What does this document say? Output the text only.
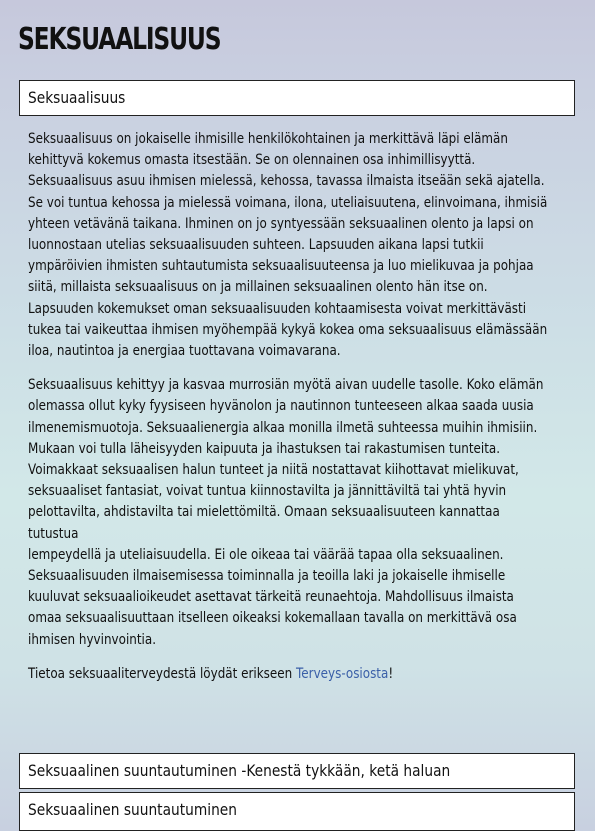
SEKSUAALISUUS
Seksuaalisuus

Seksuaalisuus on jokaiselle ihmisille henkilökohtainen ja merkittävä läpi elämän
kehittyvä kokemus omasta itsestään. Se on olennainen osa inhimillisyyttä.
Seksuaalisuus asuu ihmisen mielessä, kehossa, tavassa ilmaista itseään sekä ajatella.
Se voi tuntua kehossa ja mielessä voimana, ilona, uteliaisuutena, elinvoimana, ihmisiä
yhteen vetävänä taikana. Ihminen on jo syntyessään seksuaalinen olento ja lapsi on
luonnostaan utelias seksuaalisuuden suhteen. Lapsuuden aikana lapsi tutkii
ympäröivien ihmisten suhtautumista seksuaalisuuteensa ja luo mielikuvaa ja pohjaa
siitä, millaista seksuaalisuus on ja millainen seksuaalinen olento hän itse on.
Lapsuuden kokemukset oman seksuaalisuuden kohtaamisesta voivat merkittävästi
tukea tai vaikeuttaa ihmisen myöhempää kykyä kokea oma seksuaalisuus elämässään
iloa, nautintoa ja energiaa tuottavana voimavarana.

Seksuaalisuus kehittyy ja kasvaa murrosiän myötä aivan uudelle tasolle. Koko elämän
olemassa ollut kyky fyysiseen hyvänolon ja nautinnon tunteeseen alkaa saada uusia
ilmenemismuotoja. Seksuaalienergia alkaa monilla ilmetä suhteessa muihin ihmisiin.
Mukaan voi tulla läheisyyden kaipuuta ja ihastuksen tai rakastumisen tunteita.
Voimakkaat seksuaalisen halun tunteet ja niitä nostattavat kiihottavat mielikuvat,
seksuaaliset fantasiat, voivat tuntua kiinnostavilta ja jännittäviltä tai yhtä hyvin
pelottavilta, ahdistavilta tai mielettömiltä. Omaan seksuaalisuuteen kannattaa tutustua
lempeydellä ja uteliaisuudella. Ei ole oikeaa tai väärää tapaa olla seksuaalinen.
Seksuaalisuuden ilmaisemisessa toiminnalla ja teoilla laki ja jokaiselle ihmiselle
kuuluvat seksuaalioikeudet asettavat tärkeitä reunaehtoja. Mahdollisuus ilmaista
omaa seksuaalisuuttaan itselleen oikeaksi kokemallaan tavalla on merkittävä osa
ihmisen hyvinvointia.

Tietoa seksuaaliterveydestä löydät erikseen Terveys-osiosta!

Seksuaalinen suuntautuminen -Kenestä tykkään, ketä haluan
Seksuaalinen suuntautuminen
